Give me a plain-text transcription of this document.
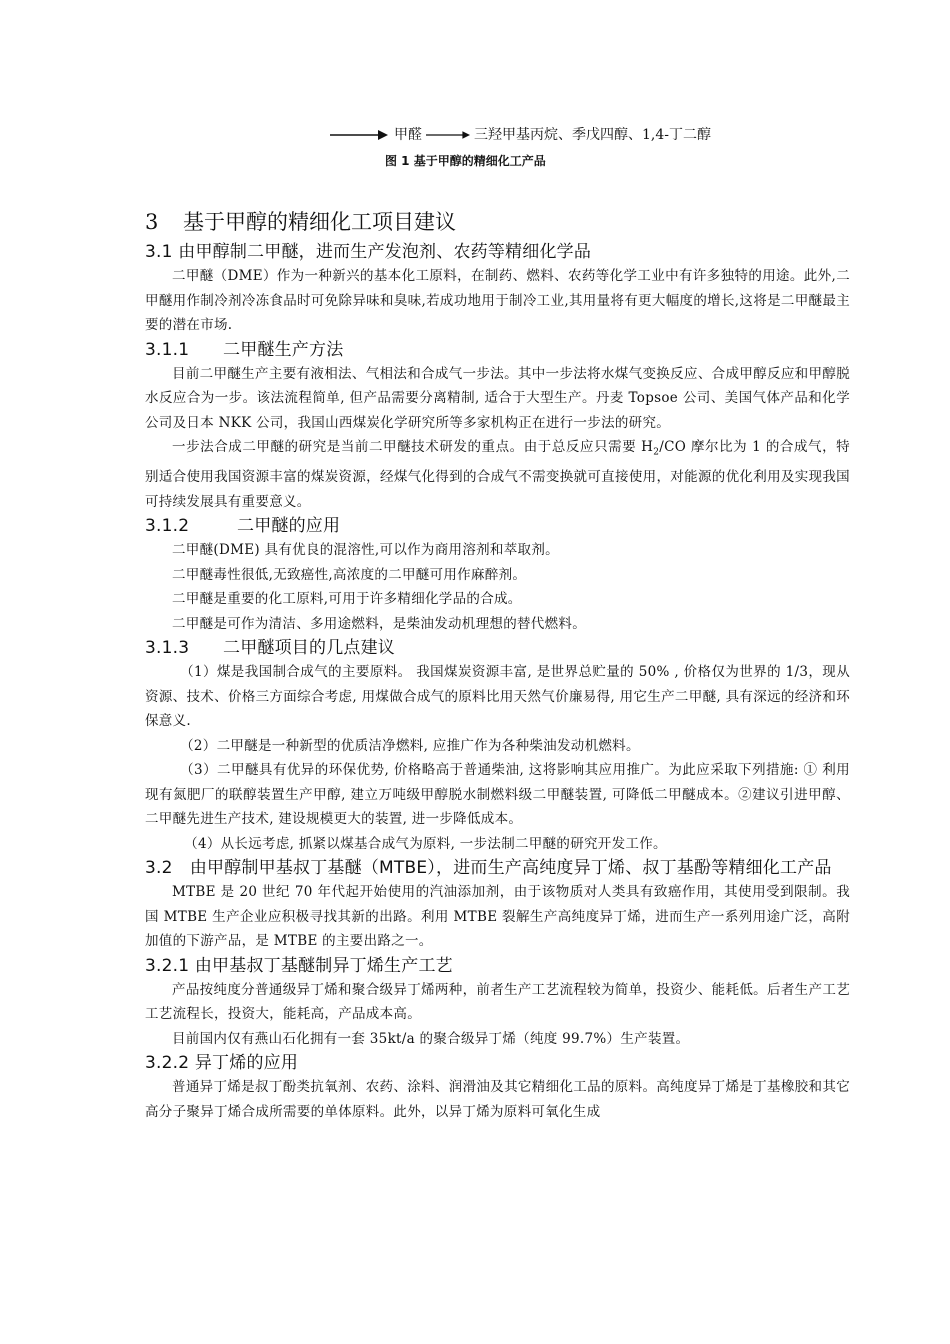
甲醛	三羟甲基丙烷、季戊四醇、1,4-丁二醇
图 1 基于甲醇的精细化工产品
3 基于甲醇的精细化工项目建议
3.1 由甲醇制二甲醚，进而生产发泡剂、农药等精细化学品

二甲醚（DME）作为一种新兴的基本化工原料，在制药、燃料、农药等化学工业中有许多独特的用途。此外,二甲醚用作制冷剂冷冻食品时可免除异味和臭味,若成功地用于制冷工业,其用量将有更大幅度的增长,这将是二甲醚最主要的潜在市场.

3.1.1 二甲醚生产方法

目前二甲醚生产主要有液相法、气相法和合成气一步法。其中一步法将水煤气变换反应、合成甲醇反应和甲醇脱水反应合为一步。该法流程简单, 但产品需要分离精制, 适合于大型生产。丹麦 Topsoe 公司、美国气体产品和化学公司及日本 NKK 公司，我国山西煤炭化学研究所等多家机构正在进行一步法的研究。

一步法合成二甲醚的研究是当前二甲醚技术研发的重点。由于总反应只需要 $H_2/CO$ 摩尔比为 1 的合成气，特别适合使用我国资源丰富的煤炭资源，经煤气化得到的合成气不需变换就可直接使用，对能源的优化利用及实现我国可持续发展具有重要意义。

3.1.2	二甲醚的应用

二甲醚(DME) 具有优良的混溶性,可以作为商用溶剂和萃取剂。

二甲醚毒性很低,无致癌性,高浓度的二甲醚可用作麻醉剂。

二甲醚是重要的化工原料,可用于许多精细化学品的合成。

二甲醚是可作为清洁、多用途燃料，是柴油发动机理想的替代燃料。

3.1.3 二甲醚项目的几点建议

（1）煤是我国制合成气的主要原料。 我国煤炭资源丰富, 是世界总贮量的 50% , 价格仅为世界的 1/3，现从资源、技术、价格三方面综合考虑, 用煤做合成气的原料比用天然气价廉易得, 用它生产二甲醚, 具有深远的经济和环保意义.

（2）二甲醚是一种新型的优质洁净燃料, 应推广作为各种柴油发动机燃料。

（3）二甲醚具有优异的环保优势, 价格略高于普通柴油, 这将影响其应用推广。为此应采取下列措施: ① 利用现有氮肥厂的联醇装置生产甲醇, 建立万吨级甲醇脱水制燃料级二甲醚装置, 可降低二甲醚成本。②建议引进甲醇、二甲醚先进生产技术, 建设规模更大的装置, 进一步降低成本。

（4）从长远考虑, 抓紧以煤基合成气为原料, 一步法制二甲醚的研究开发工作。

3.2　由甲醇制甲基叔丁基醚（MTBE），进而生产高纯度异丁烯、叔丁基酚等精细化工产品

MTBE 是 20 世纪 70 年代起开始使用的汽油添加剂，由于该物质对人类具有致癌作用，其使用受到限制。我国 MTBE 生产企业应积极寻找其新的出路。利用 MTBE 裂解生产高纯度异丁烯，进而生产一系列用途广泛，高附加值的下游产品，是 MTBE 的主要出路之一。

3.2.1 由甲基叔丁基醚制异丁烯生产工艺

产品按纯度分普通级异丁烯和聚合级异丁烯两种，前者生产工艺流程较为简单，投资少、能耗低。后者生产工艺工艺流程长，投资大，能耗高，产品成本高。

目前国内仅有燕山石化拥有一套 35kt/a 的聚合级异丁烯（纯度 99.7%）生产装置。

3.2.2 异丁烯的应用

普通异丁烯是叔丁酚类抗氧剂、农药、涂料、润滑油及其它精细化工品的原料。高纯度异丁烯是丁基橡胶和其它高分子聚异丁烯合成所需要的单体原料。此外，以异丁烯为原料可氧化生成
